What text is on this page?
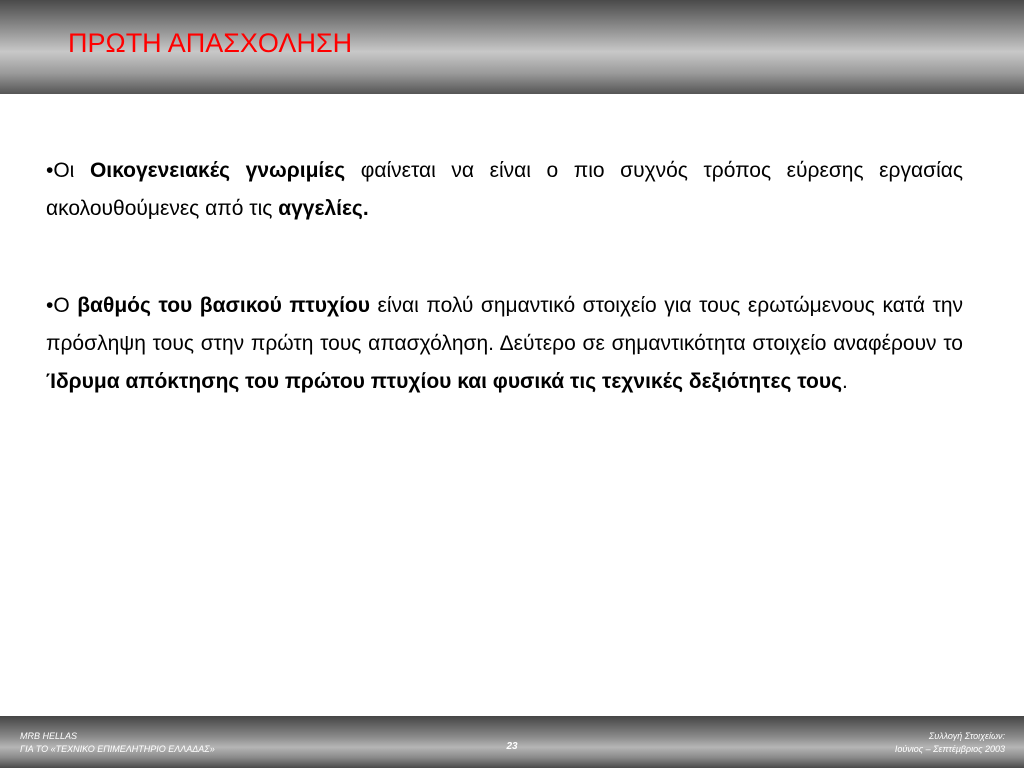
ΠΡΩΤΗ ΑΠΑΣΧΟΛΗΣΗ

•Οι Οικογενειακές γνωριμίες φαίνεται να είναι ο πιο συχνός τρόπος εύρεσης εργασίας ακολουθούμενες από τις αγγελίες.

•Ο βαθμός του βασικού πτυχίου είναι πολύ σημαντικό στοιχείο για τους ερωτώμενους κατά την πρόσληψη τους στην πρώτη τους απασχόληση. Δεύτερο σε σημαντικότητα στοιχείο αναφέρουν το Ίδρυμα απόκτησης του πρώτου πτυχίου και φυσικά τις τεχνικές δεξιότητες τους.

MRB HELLAS
ΓΙΑ ΤΟ «ΤΕΧΝΙΚΟ ΕΠΙΜΕΛΗΤΗΡΙΟ ΕΛΛΑΔΑΣ»	23
Συλλογή Στοιχείων:
Ιούνιος – Σεπτέμβριος 2003
